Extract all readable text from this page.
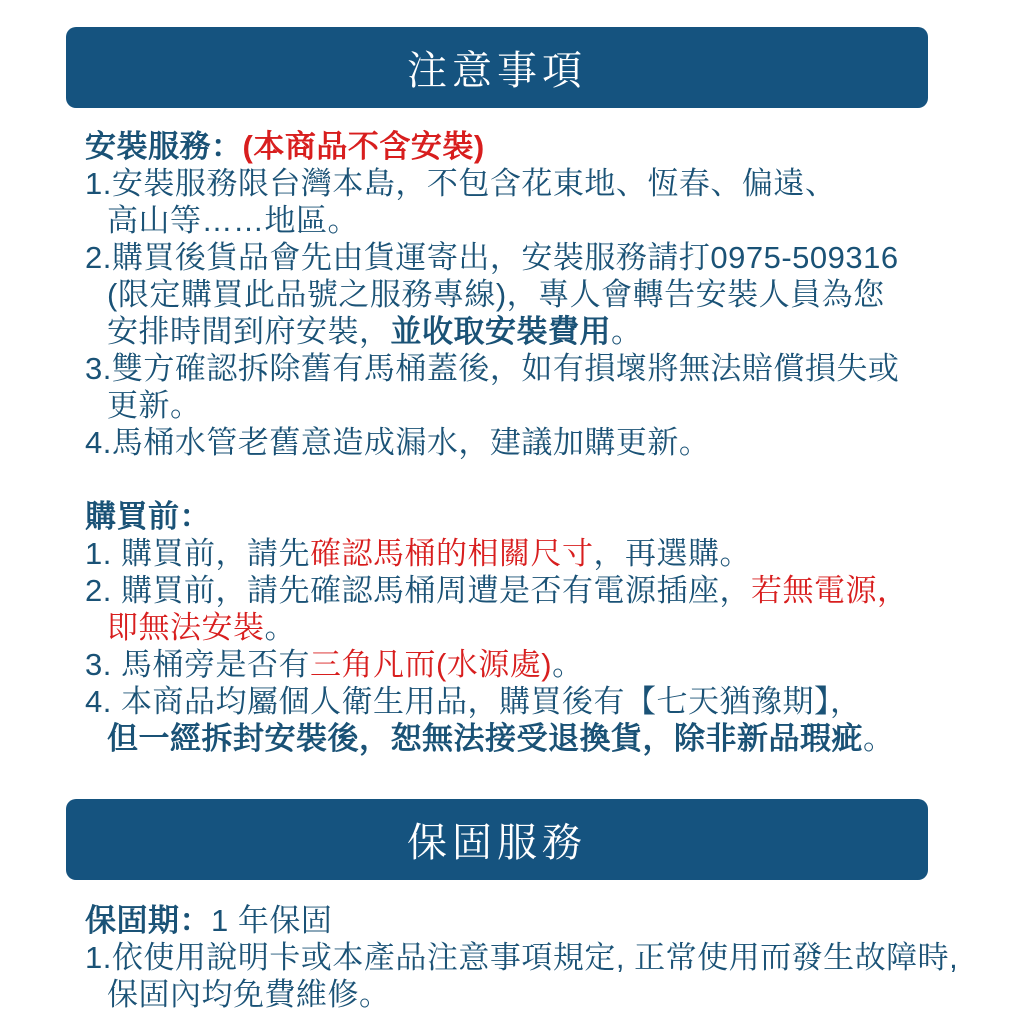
注意事項
安裝服務：(本商品不含安裝)
1.安裝服務限台灣本島，不包含花東地、恆春、偏遠、
高山等……地區。
2.購買後貨品會先由貨運寄出，安裝服務請打0975-509316
(限定購買此品號之服務專線)，專人會轉告安裝人員為您
安排時間到府安裝，並收取安裝費用。
3.雙方確認拆除舊有馬桶蓋後，如有損壞將無法賠償損失或
更新。
4.馬桶水管老舊意造成漏水，建議加購更新。
購買前：
1. 購買前，請先確認馬桶的相關尺寸，再選購。
2. 購買前，請先確認馬桶周遭是否有電源插座，若無電源，
即無法安裝。
3. 馬桶旁是否有三角凡而(水源處)。
4. 本商品均屬個人衛生用品，購買後有【七天猶豫期】，
但一經拆封安裝後，恕無法接受退換貨，除非新品瑕疵。
保固服務
保固期：1 年保固
1.依使用說明卡或本產品注意事項規定, 正常使用而發生故障時,
保固內均免費維修。
